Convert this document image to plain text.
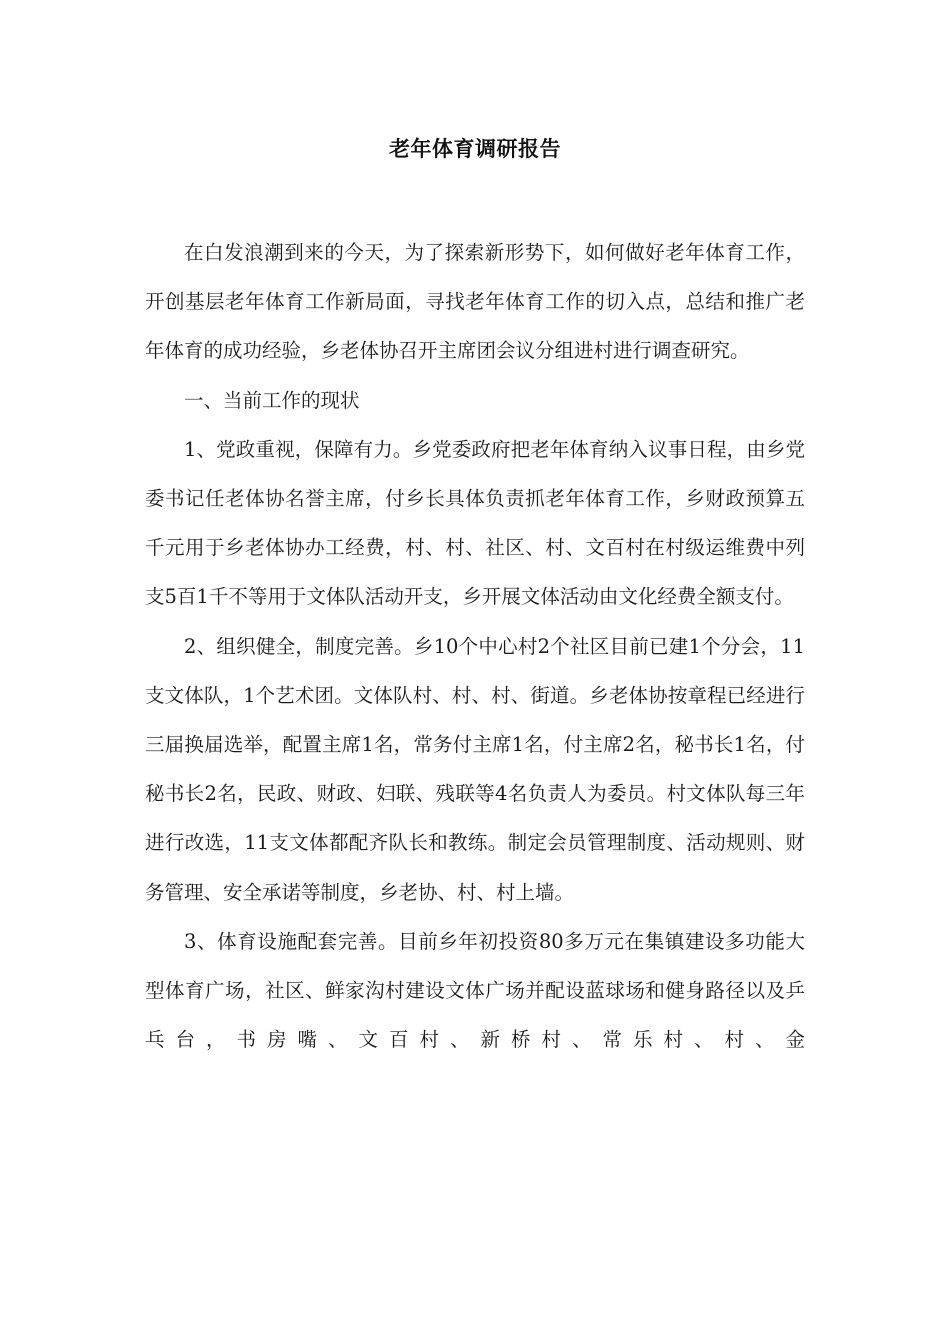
老年体育调研报告

在白发浪潮到来的今天，为了探索新形势下，如何做好老年体育工作，开创基层老年体育工作新局面，寻找老年体育工作的切入点，总结和推广老年体育的成功经验，乡老体协召开主席团会议分组进村进行调查研究。

一、当前工作的现状

1、党政重视，保障有力。乡党委政府把老年体育纳入议事日程，由乡党委书记任老体协名誉主席，付乡长具体负责抓老年体育工作，乡财政预算五千元用于乡老体协办工经费，村、村、社区、村、文百村在村级运维费中列支5百1千不等用于文体队活动开支，乡开展文体活动由文化经费全额支付。

2、组织健全，制度完善。乡10个中心村2个社区目前已建1个分会，11支文体队，1个艺术团。文体队村、村、村、街道。乡老体协按章程已经进行三届换届选举，配置主席1名，常务付主席1名，付主席2名，秘书长1名，付秘书长2名，民政、财政、妇联、残联等4名负责人为委员。村文体队每三年进行改选，11支文体都配齐队长和教练。制定会员管理制度、活动规则、财务管理、安全承诺等制度，乡老协、村、村上墙。

3、体育设施配套完善。目前乡年初投资80多万元在集镇建设多功能大型体育广场，社区、鲜家沟村建设文体广场并配设蓝球场和健身路径以及乒乓台，书房嘴、文百村、新桥村、常乐村、村、金
